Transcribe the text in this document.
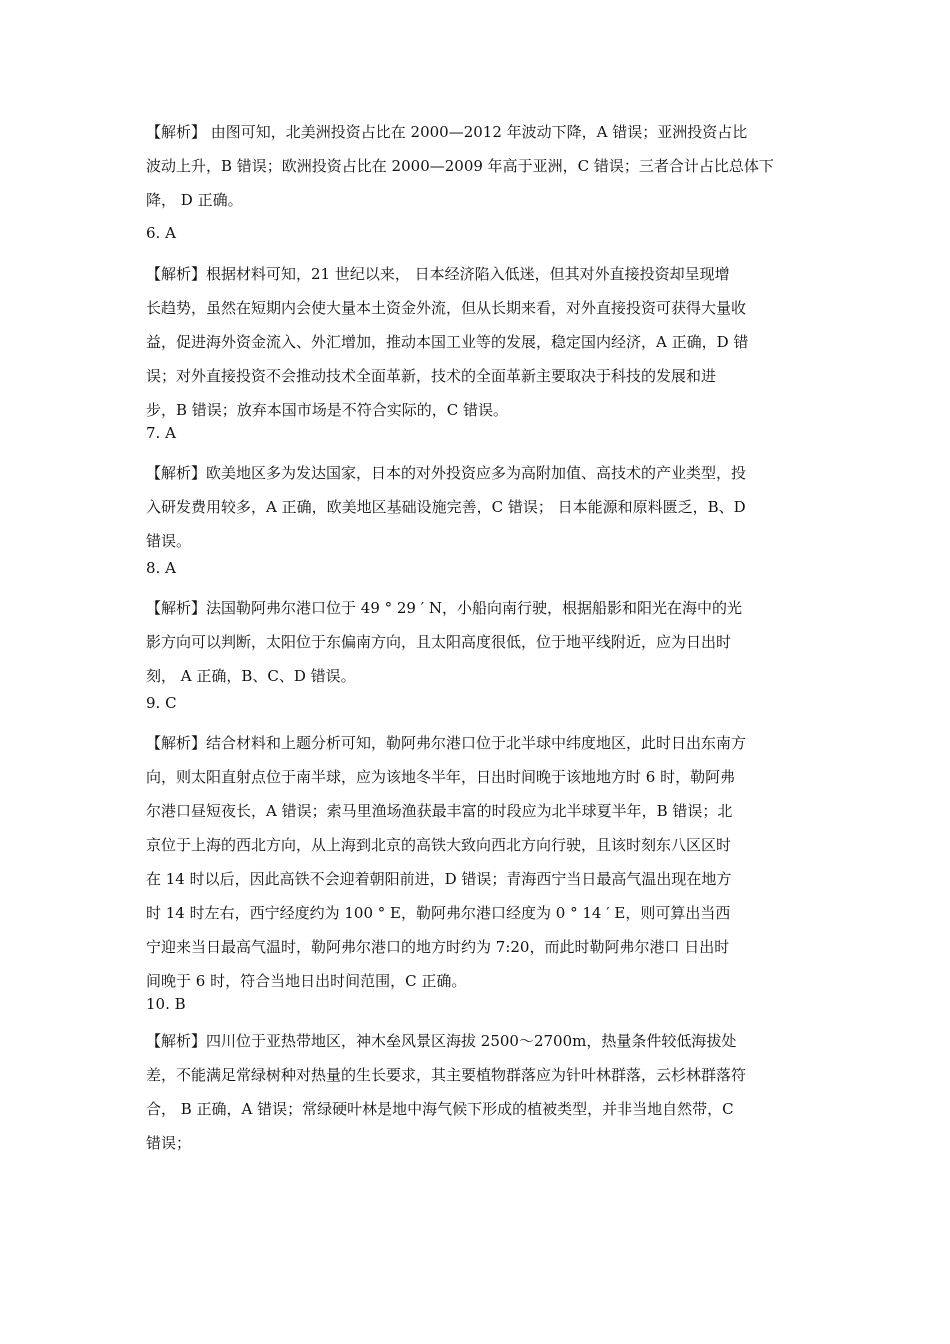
【解析】 由图可知，北美洲投资占比在 2000—2012 年波动下降，A 错误；亚洲投资占比
波动上升，B 错误；欧洲投资占比在 2000—2009 年高于亚洲，C 错误；三者合计占比总体下
降， D 正确。

6. A

【解析】根据材料可知，21 世纪以来， 日本经济陷入低迷，但其对外直接投资却呈现增
长趋势，虽然在短期内会使大量本土资金外流，但从长期来看，对外直接投资可获得大量收
益，促进海外资金流入、外汇增加，推动本国工业等的发展，稳定国内经济，A 正确，D 错
误；对外直接投资不会推动技术全面革新，技术的全面革新主要取决于科技的发展和进
步，B 错误；放弃本国市场是不符合实际的，C 错误。

7. A

【解析】欧美地区多为发达国家，日本的对外投资应多为高附加值、高技术的产业类型，投
入研发费用较多，A 正确，欧美地区基础设施完善，C 错误； 日本能源和原料匮乏，B、D
错误。

8. A

【解析】法国勒阿弗尔港口位于 49 ° 29 ′ N，小船向南行驶，根据船影和阳光在海中的光
影方向可以判断，太阳位于东偏南方向，且太阳高度很低，位于地平线附近，应为日出时
刻， A 正确，B、C、D 错误。

9. C

【解析】结合材料和上题分析可知，勒阿弗尔港口位于北半球中纬度地区，此时日出东南方
向，则太阳直射点位于南半球，应为该地冬半年，日出时间晚于该地地方时 6 时，勒阿弗
尔港口昼短夜长，A 错误；索马里渔场渔获最丰富的时段应为北半球夏半年，B 错误；北
京位于上海的西北方向，从上海到北京的高铁大致向西北方向行驶，且该时刻东八区区时
在 14 时以后，因此高铁不会迎着朝阳前进，D 错误；青海西宁当日最高气温出现在地方
时 14 时左右，西宁经度约为 100 ° E，勒阿弗尔港口经度为 0 ° 14 ′ E，则可算出当西
宁迎来当日最高气温时，勒阿弗尔港口的地方时约为 7:20，而此时勒阿弗尔港口 日出时
间晚于 6 时，符合当地日出时间范围，C 正确。

10. B

【解析】四川位于亚热带地区，神木垒风景区海拔 2500～2700m，热量条件较低海拔处
差，不能满足常绿树种对热量的生长要求，其主要植物群落应为针叶林群落，云杉林群落符
合， B 正确，A 错误；常绿硬叶林是地中海气候下形成的植被类型，并非当地自然带，C
错误；
